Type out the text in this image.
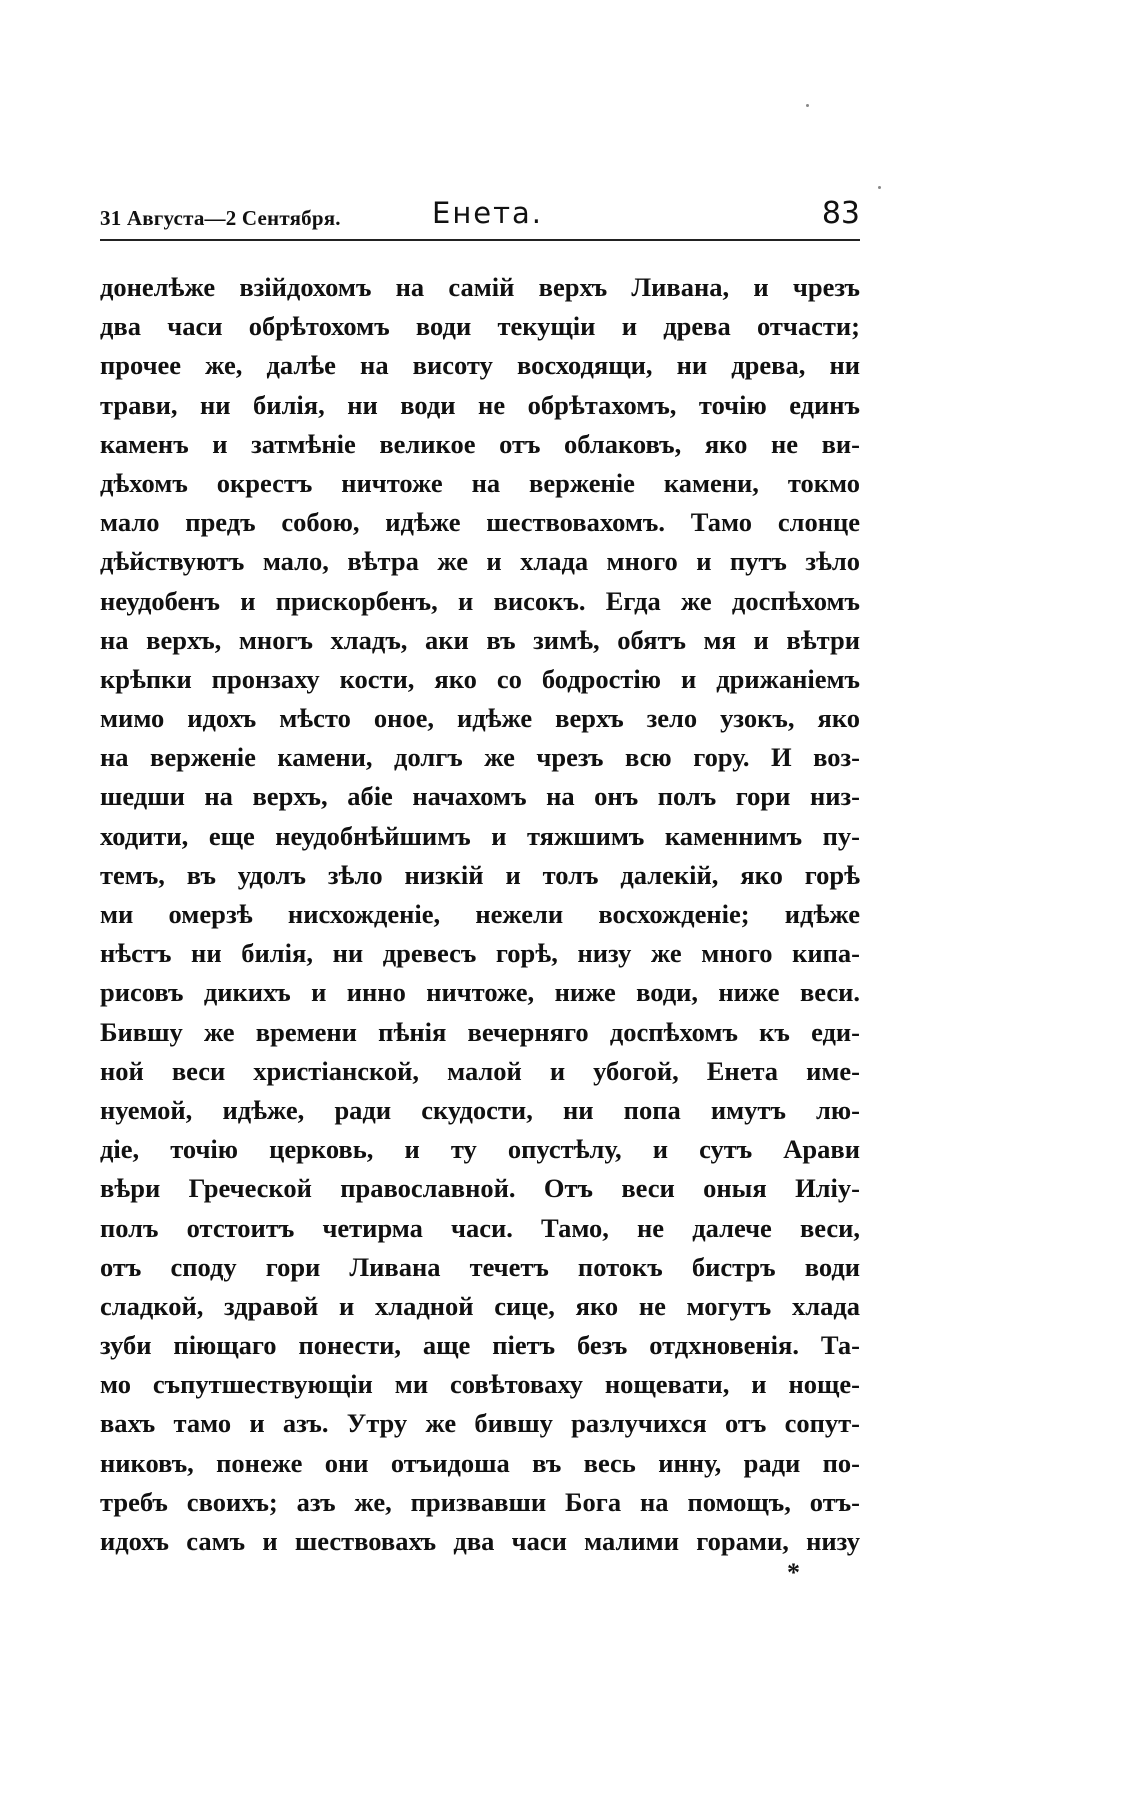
31 Августа—2 Сентября.	Енета.	83
донелѣже взійдохомъ на самій верхъ Ливана, и чрезъ
два часи обрѣтохомъ води текущіи и древа отчасти;
прочее же, далѣе на висоту восходящи, ни древа, ни
трави, ни билія, ни води не обрѣтахомъ, точію единъ
каменъ и затмѣніе великое отъ облаковъ, яко не ви-
дѣхомъ окрестъ ничтоже на верженіе камени, токмо
мало предъ собою, идѣже шествовахомъ. Тамо слонце
дѣйствуютъ мало, вѣтра же и хлада много и путъ зѣло
неудобенъ и прискорбенъ, и високъ. Егда же доспѣхомъ
на верхъ, многъ хладъ, аки въ зимѣ, обятъ мя и вѣтри
крѣпки пронзаху кости, яко со бодростію и дрижаніемъ
мимо идохъ мѣсто оное, идѣже верхъ зело узокъ, яко
на верженіе камени, долгъ же чрезъ всю гору. И воз-
шедши на верхъ, абіе начахомъ на онъ полъ гори низ-
ходити, еще неудобнѣйшимъ и тяжшимъ каменнимъ пу-
темъ, въ удолъ зѣло низкій и толъ далекій, яко горѣ
ми омерзѣ нисхожденіе, нежели восхожденіе; идѣже
нѣстъ ни билія, ни древесъ горѣ, низу же много кипа-
рисовъ дикихъ и инно ничтоже, ниже води, ниже веси.
Бившу же времени пѣнія вечерняго доспѣхомъ къ еди-
ной веси христіанской, малой и убогой, Енета име-
нуемой, идѣже, ради скудости, ни попа имутъ лю-
діе, точію церковь, и ту опустѣлу, и сутъ Арави
вѣри Греческой православной. Отъ веси оныя Иліу-
полъ отстоитъ четирма часи. Тамо, не далече веси,
отъ споду гори Ливана течетъ потокъ бистръ води
сладкой, здравой и хладной сице, яко не могутъ хлада
зуби піющаго понести, аще піетъ безъ отдхновенія. Та-
мо съпутшествующіи ми совѣтоваху нощевати, и нощe-
вахъ тамо и азъ. Утру же бившу разлучихся отъ сопут-
никовъ, понеже они отъидоша въ весь инну, ради по-
требъ своихъ; азъ же, призвавши Бога на помощъ, отъ-
идохъ самъ и шествовахъ два часи малими горами, низу
*
